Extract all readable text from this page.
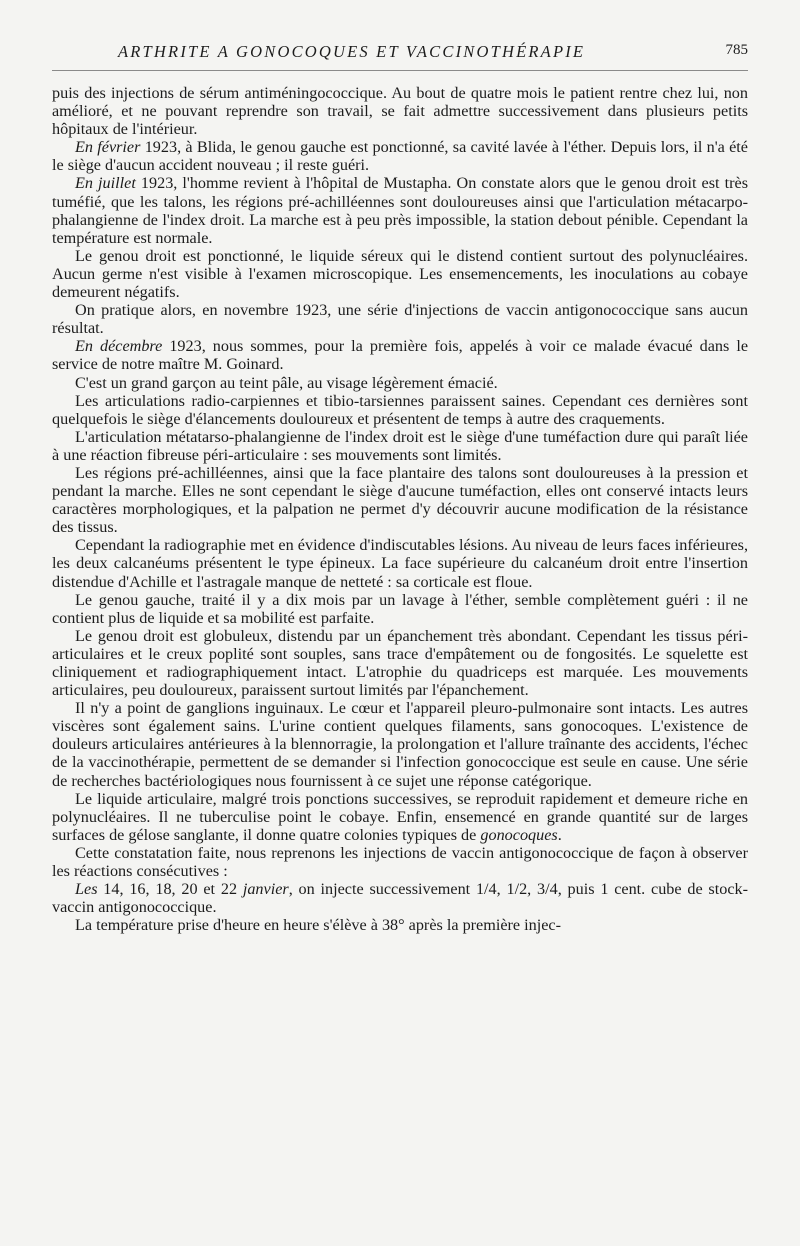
ARTHRITE A GONOCOQUES ET VACCINOTHÉRAPIE	785

puis des injections de sérum antiméningococcique. Au bout de quatre mois le patient rentre chez lui, non amélioré, et ne pouvant reprendre son travail, se fait admettre successivement dans plusieurs petits hôpitaux de l'intérieur.

En février 1923, à Blida, le genou gauche est ponctionné, sa cavité lavée à l'éther. Depuis lors, il n'a été le siège d'aucun accident nouveau ; il reste guéri.

En juillet 1923, l'homme revient à l'hôpital de Mustapha. On constate alors que le genou droit est très tuméfié, que les talons, les régions pré-achilléennes sont douloureuses ainsi que l'articulation métacarpo-phalangienne de l'index droit. La marche est à peu près impossible, la station debout pénible. Cependant la température est normale.

Le genou droit est ponctionné, le liquide séreux qui le distend contient surtout des polynucléaires. Aucun germe n'est visible à l'examen microscopique. Les ensemencements, les inoculations au cobaye demeurent négatifs.

On pratique alors, en novembre 1923, une série d'injections de vaccin antigonococcique sans aucun résultat.

En décembre 1923, nous sommes, pour la première fois, appelés à voir ce malade évacué dans le service de notre maître M. Goinard.

C'est un grand garçon au teint pâle, au visage légèrement émacié.

Les articulations radio-carpiennes et tibio-tarsiennes paraissent saines. Cependant ces dernières sont quelquefois le siège d'élancements douloureux et présentent de temps à autre des craquements.

L'articulation métatarso-phalangienne de l'index droit est le siège d'une tuméfaction dure qui paraît liée à une réaction fibreuse péri-articulaire : ses mouvements sont limités.

Les régions pré-achilléennes, ainsi que la face plantaire des talons sont douloureuses à la pression et pendant la marche. Elles ne sont cependant le siège d'aucune tuméfaction, elles ont conservé intacts leurs caractères morphologiques, et la palpation ne permet d'y découvrir aucune modification de la résistance des tissus.

Cependant la radiographie met en évidence d'indiscutables lésions. Au niveau de leurs faces inférieures, les deux calcanéums présentent le type épineux. La face supérieure du calcanéum droit entre l'insertion distendue d'Achille et l'astragale manque de netteté : sa corticale est floue.

Le genou gauche, traité il y a dix mois par un lavage à l'éther, semble complètement guéri : il ne contient plus de liquide et sa mobilité est parfaite.

Le genou droit est globuleux, distendu par un épanchement très abondant. Cependant les tissus péri-articulaires et le creux poplité sont souples, sans trace d'empâtement ou de fongosités. Le squelette est cliniquement et radiographiquement intact. L'atrophie du quadriceps est marquée. Les mouvements articulaires, peu douloureux, paraissent surtout limités par l'épanchement.

Il n'y a point de ganglions inguinaux. Le cœur et l'appareil pleuro-pulmonaire sont intacts. Les autres viscères sont également sains. L'urine contient quelques filaments, sans gonocoques. L'existence de douleurs articulaires antérieures à la blennorragie, la prolongation et l'allure traînante des accidents, l'échec de la vaccinothérapie, permettent de se demander si l'infection gonococcique est seule en cause. Une série de recherches bactériologiques nous fournissent à ce sujet une réponse catégorique.

Le liquide articulaire, malgré trois ponctions successives, se reproduit rapidement et demeure riche en polynucléaires. Il ne tuberculise point le cobaye. Enfin, ensemencé en grande quantité sur de larges surfaces de gélose sanglante, il donne quatre colonies typiques de gonocoques.

Cette constatation faite, nous reprenons les injections de vaccin antigonococcique de façon à observer les réactions consécutives :

Les 14, 16, 18, 20 et 22 janvier, on injecte successivement 1/4, 1/2, 3/4, puis 1 cent. cube de stock-vaccin antigonococcique.

La température prise d'heure en heure s'élève à 38° après la première injec-
